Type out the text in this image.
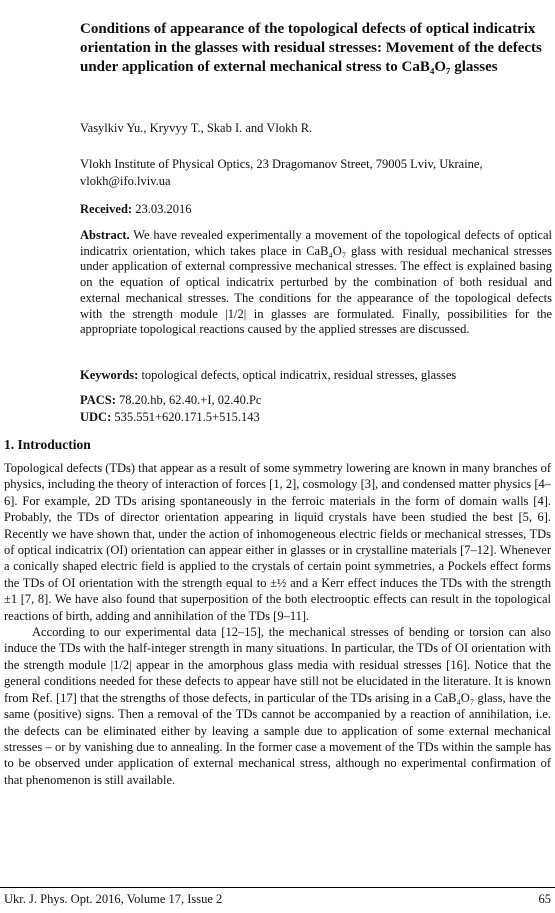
Conditions of appearance of the topological defects of optical indicatrix orientation in the glasses with residual stresses: Movement of the defects under application of external mechanical stress to CaB₄O₇ glasses
Vasylkiv Yu., Kryvyy T., Skab I. and Vlokh R.
Vlokh Institute of Physical Optics, 23 Dragomanov Street, 79005 Lviv, Ukraine,
vlokh@ifo.lviv.ua
Received: 23.03.2016

Abstract. We have revealed experimentally a movement of the topological defects of optical indicatrix orientation, which takes place in CaB₄O₇ glass with residual mechanical stresses under application of external compressive mechanical stresses. The effect is explained basing on the equation of optical indicatrix perturbed by the combination of both residual and external mechanical stresses. The conditions for the appearance of the topological defects with the strength module |1/2| in glasses are formulated. Finally, possibilities for the appropriate topological reactions caused by the applied stresses are discussed.

Keywords: topological defects, optical indicatrix, residual stresses, glasses
PACS: 78.20.hb, 62.40.+I, 02.40.Pc
UDC: 535.551+620.171.5+515.143
1. Introduction

Topological defects (TDs) that appear as a result of some symmetry lowering are known in many branches of physics, including the theory of interaction of forces [1, 2], cosmology [3], and condensed matter physics [4–6]. For example, 2D TDs arising spontaneously in the ferroic materials in the form of domain walls [4]. Probably, the TDs of director orientation appearing in liquid crystals have been studied the best [5, 6]. Recently we have shown that, under the action of inhomogeneous electric fields or mechanical stresses, TDs of optical indicatrix (OI) orientation can appear either in glasses or in crystalline materials [7–12]. Whenever a conically shaped electric field is applied to the crystals of certain point symmetries, a Pockels effect forms the TDs of OI orientation with the strength equal to ±½ and a Kerr effect induces the TDs with the strength ±1 [7, 8]. We have also found that superposition of the both electrooptic effects can result in the topological reactions of birth, adding and annihilation of the TDs [9–11].

According to our experimental data [12–15], the mechanical stresses of bending or torsion can also induce the TDs with the half-integer strength in many situations. In particular, the TDs of OI orientation with the strength module |1/2| appear in the amorphous glass media with residual stresses [16]. Notice that the general conditions needed for these defects to appear have still not be elucidated in the literature. It is known from Ref. [17] that the strengths of those defects, in particular of the TDs arising in a CaB₄O₇ glass, have the same (positive) signs. Then a removal of the TDs cannot be accompanied by a reaction of annihilation, i.e. the defects can be eliminated either by leaving a sample due to application of some external mechanical stresses – or by vanishing due to annealing. In the former case a movement of the TDs within the sample has to be observed under application of external mechanical stress, although no experimental confirmation of that phenomenon is still available.

Ukr. J. Phys. Opt. 2016, Volume 17, Issue 2	65
